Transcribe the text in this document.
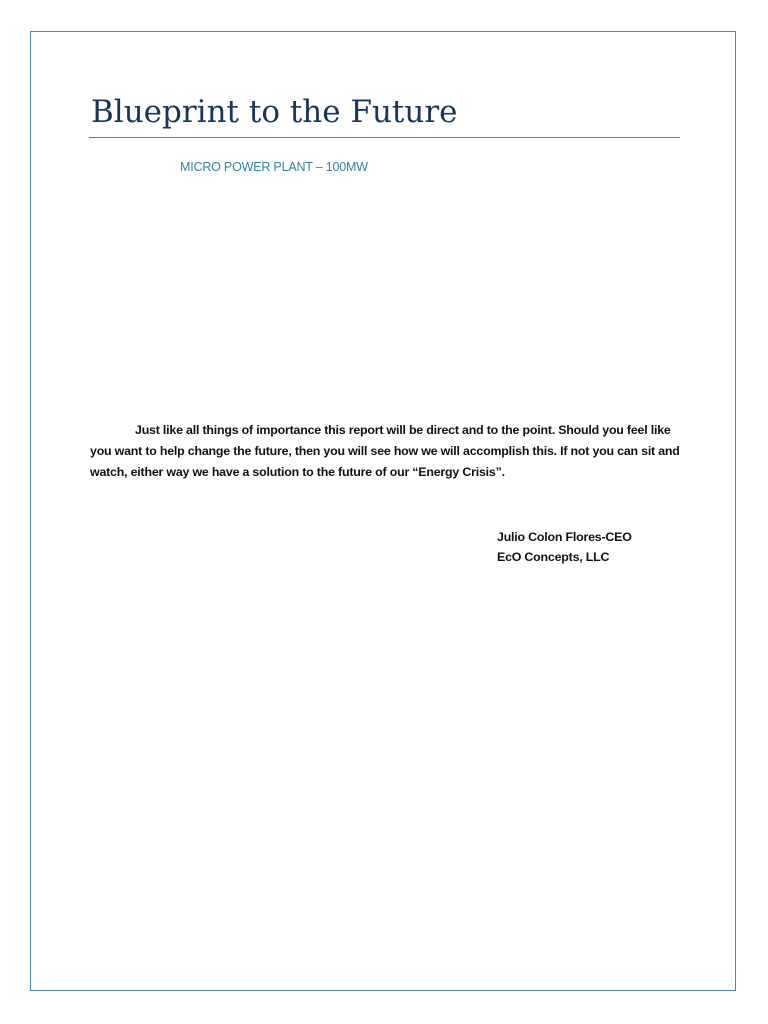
Blueprint to the Future

MICRO POWER PLANT – 100MW

Just like all things of importance this report will be direct and to the point. Should you feel like you want to help change the future, then you will see how we will accomplish this. If not you can sit and watch, either way we have a solution to the future of our “Energy Crisis”.

Julio Colon Flores-CEO
EcO Concepts, LLC
